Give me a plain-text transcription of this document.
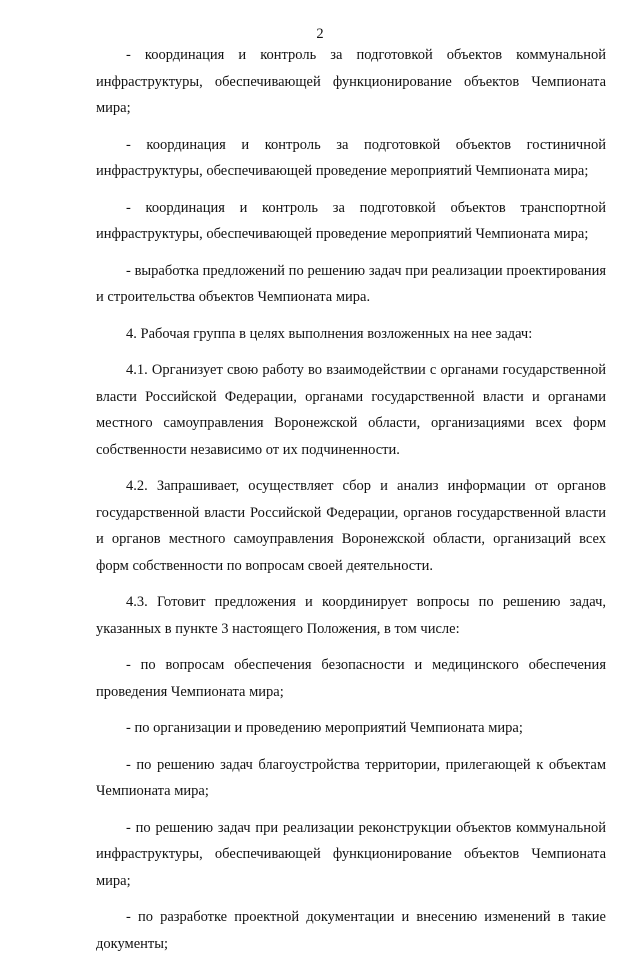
2

- координация и контроль за подготовкой объектов коммунальной инфраструктуры, обеспечивающей функционирование объектов Чемпионата мира;

- координация и контроль за подготовкой объектов гостиничной инфраструктуры, обеспечивающей проведение мероприятий Чемпионата мира;

- координация и контроль за подготовкой объектов транспортной инфраструктуры, обеспечивающей проведение мероприятий Чемпионата мира;

- выработка предложений по решению задач при реализации проектирования и строительства объектов Чемпионата мира.

4. Рабочая группа в целях выполнения возложенных на нее задач:

4.1. Организует свою работу во взаимодействии с органами государственной власти Российской Федерации, органами государственной власти и органами местного самоуправления Воронежской области, организациями всех форм собственности независимо от их подчиненности.

4.2. Запрашивает, осуществляет сбор и анализ информации от органов государственной власти Российской Федерации, органов государственной власти и органов местного самоуправления Воронежской области, организаций всех форм собственности по вопросам своей деятельности.

4.3. Готовит предложения и координирует вопросы по решению задач, указанных в пункте 3 настоящего Положения, в том числе:

- по вопросам обеспечения безопасности и медицинского обеспечения проведения Чемпионата мира;

- по организации и проведению мероприятий Чемпионата мира;

- по решению задач благоустройства территории, прилегающей к объектам Чемпионата мира;

- по решению задач при реализации реконструкции объектов коммунальной инфраструктуры, обеспечивающей функционирование объектов Чемпионата мира;

- по разработке проектной документации и внесению изменений в такие документы;
